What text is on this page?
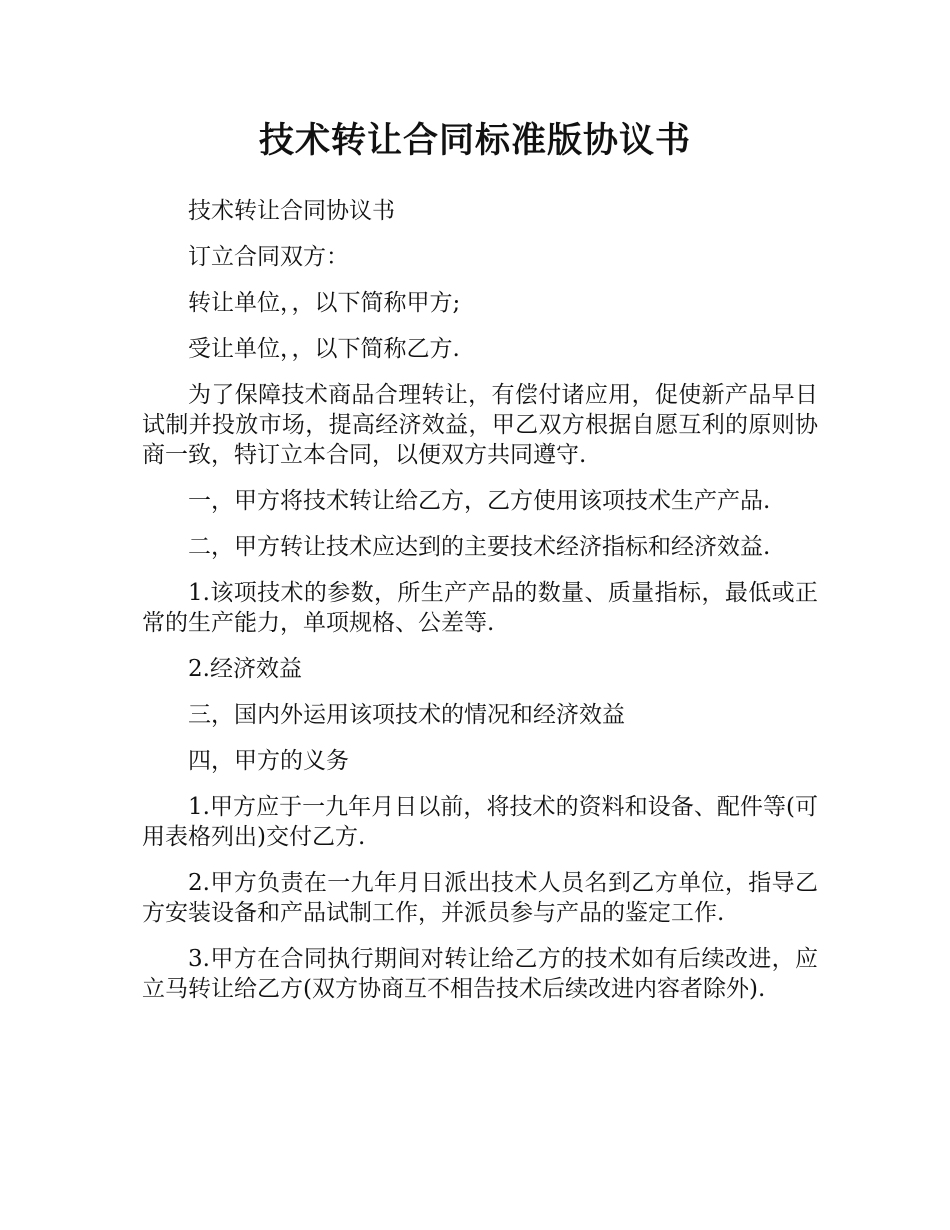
技术转让合同标准版协议书

技术转让合同协议书

订立合同双方：

转让单位，，以下简称甲方;

受让单位，，以下简称乙方.

为了保障技术商品合理转让，有偿付诸应用，促使新产品早日试制并投放市场，提高经济效益，甲乙双方根据自愿互利的原则协商一致，特订立本合同，以便双方共同遵守.

一，甲方将技术转让给乙方，乙方使用该项技术生产产品.

二，甲方转让技术应达到的主要技术经济指标和经济效益.

1.该项技术的参数，所生产产品的数量、质量指标，最低或正常的生产能力，单项规格、公差等.

2.经济效益

三，国内外运用该项技术的情况和经济效益

四，甲方的义务

1.甲方应于一九年月日以前，将技术的资料和设备、配件等(可用表格列出)交付乙方.

2.甲方负责在一九年月日派出技术人员名到乙方单位，指导乙方安装设备和产品试制工作，并派员参与产品的鉴定工作.

3.甲方在合同执行期间对转让给乙方的技术如有后续改进，应立马转让给乙方(双方协商互不相告技术后续改进内容者除外).
